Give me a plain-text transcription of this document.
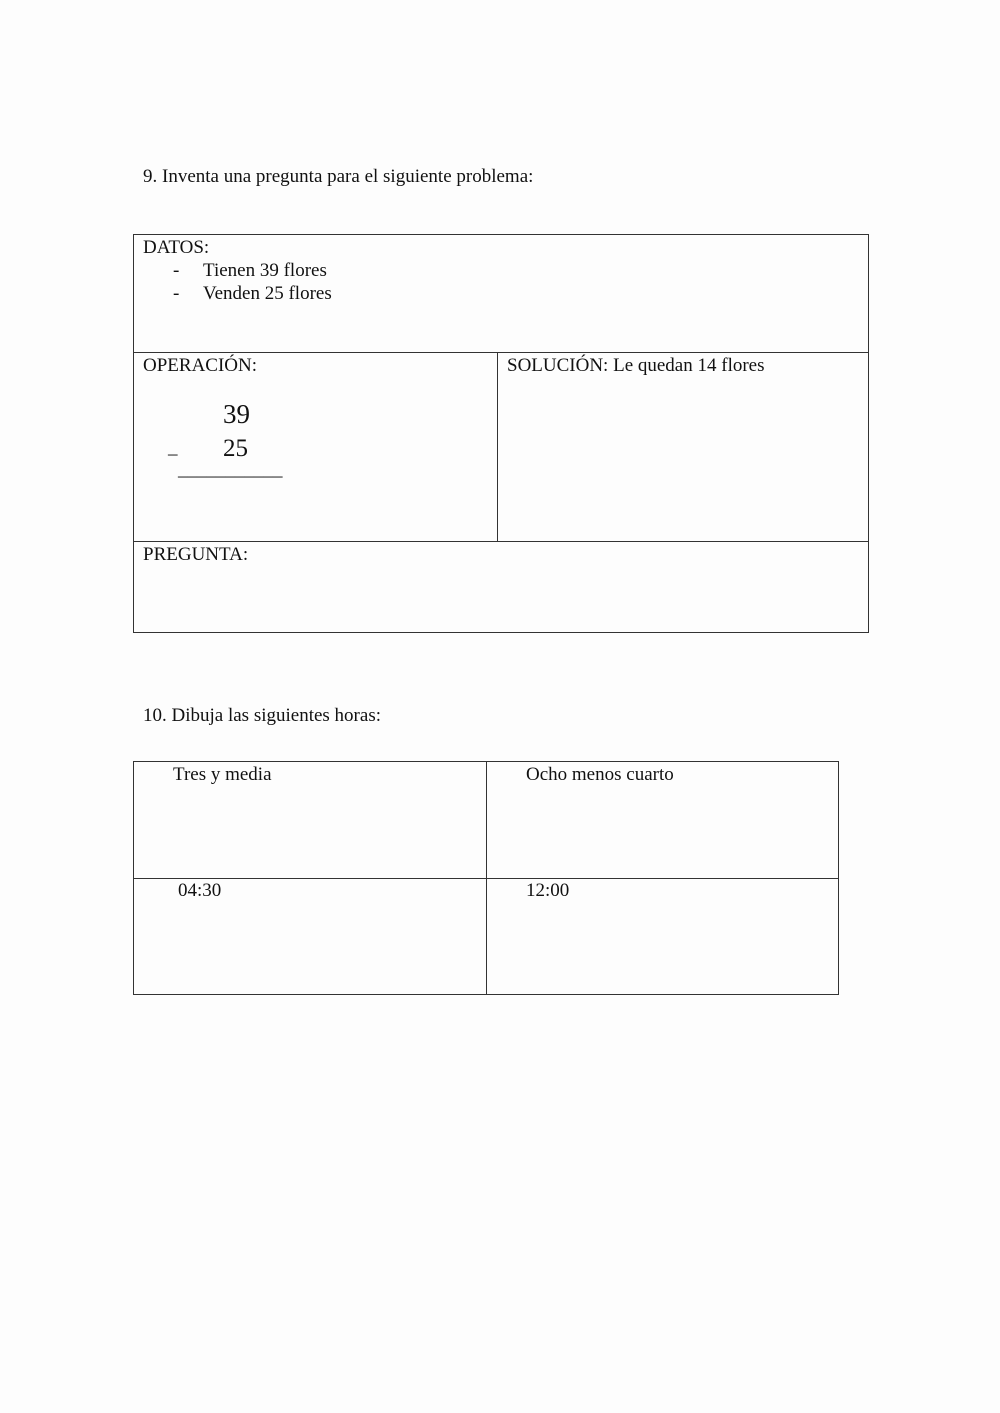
9. Inventa una pregunta para el siguiente problema:
DATOS:
- Tienen 39 flores
- Venden 25 flores
OPERACIÓN:
39
_ 25
___________
SOLUCIÓN: Le quedan 14 flores
PREGUNTA:
10. Dibuja las siguientes horas:
Tres y media	Ocho menos cuarto
04:30	12:00
